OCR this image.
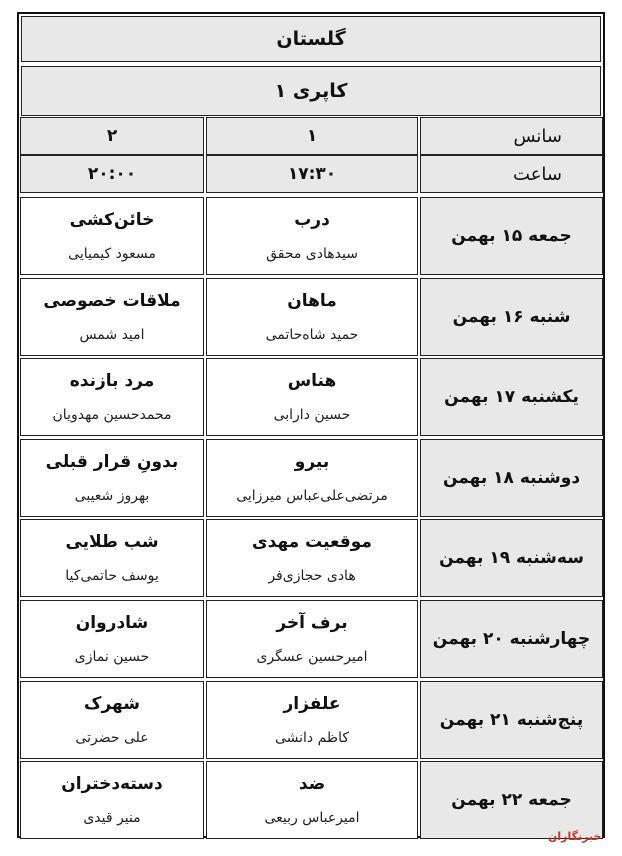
گلستان
کاپری ۱
سانس
ساعت
۱
۱۷:۳۰
۲
۲۰:۰۰
جمعه ۱۵ بهمن
درب
سیدهادی محقق
خائن‌کشی
مسعود کیمیایی
شنبه ۱۶ بهمن
ماهان
حمید شاه‌حاتمی
ملاقات خصوصی
امید شمس
یکشنبه ۱۷ بهمن
هناس
حسین دارابی
مرد بازنده
محمدحسین مهدویان
دوشنبه ۱۸ بهمن
بیرو
مرتضی‌علی‌عباس میرزایی
بدونِ قرار قبلی
بهروز شعیبی
سه‌شنبه ۱۹ بهمن
موقعیت مهدی
هادی حجازی‌فر
شب طلایی
یوسف حاتمی‌کیا
چهارشنبه ۲۰ بهمن
برف آخر
امیرحسین عسگری
شادروان
حسین نمازی
پنج‌شنبه ۲۱ بهمن
علفزار
کاظم دانشی
شهرک
علی حضرتی
جمعه ۲۲ بهمن
ضد
امیرعباس ربیعی
دسته‌دختران
منیر قیدی
خبرنگاران
